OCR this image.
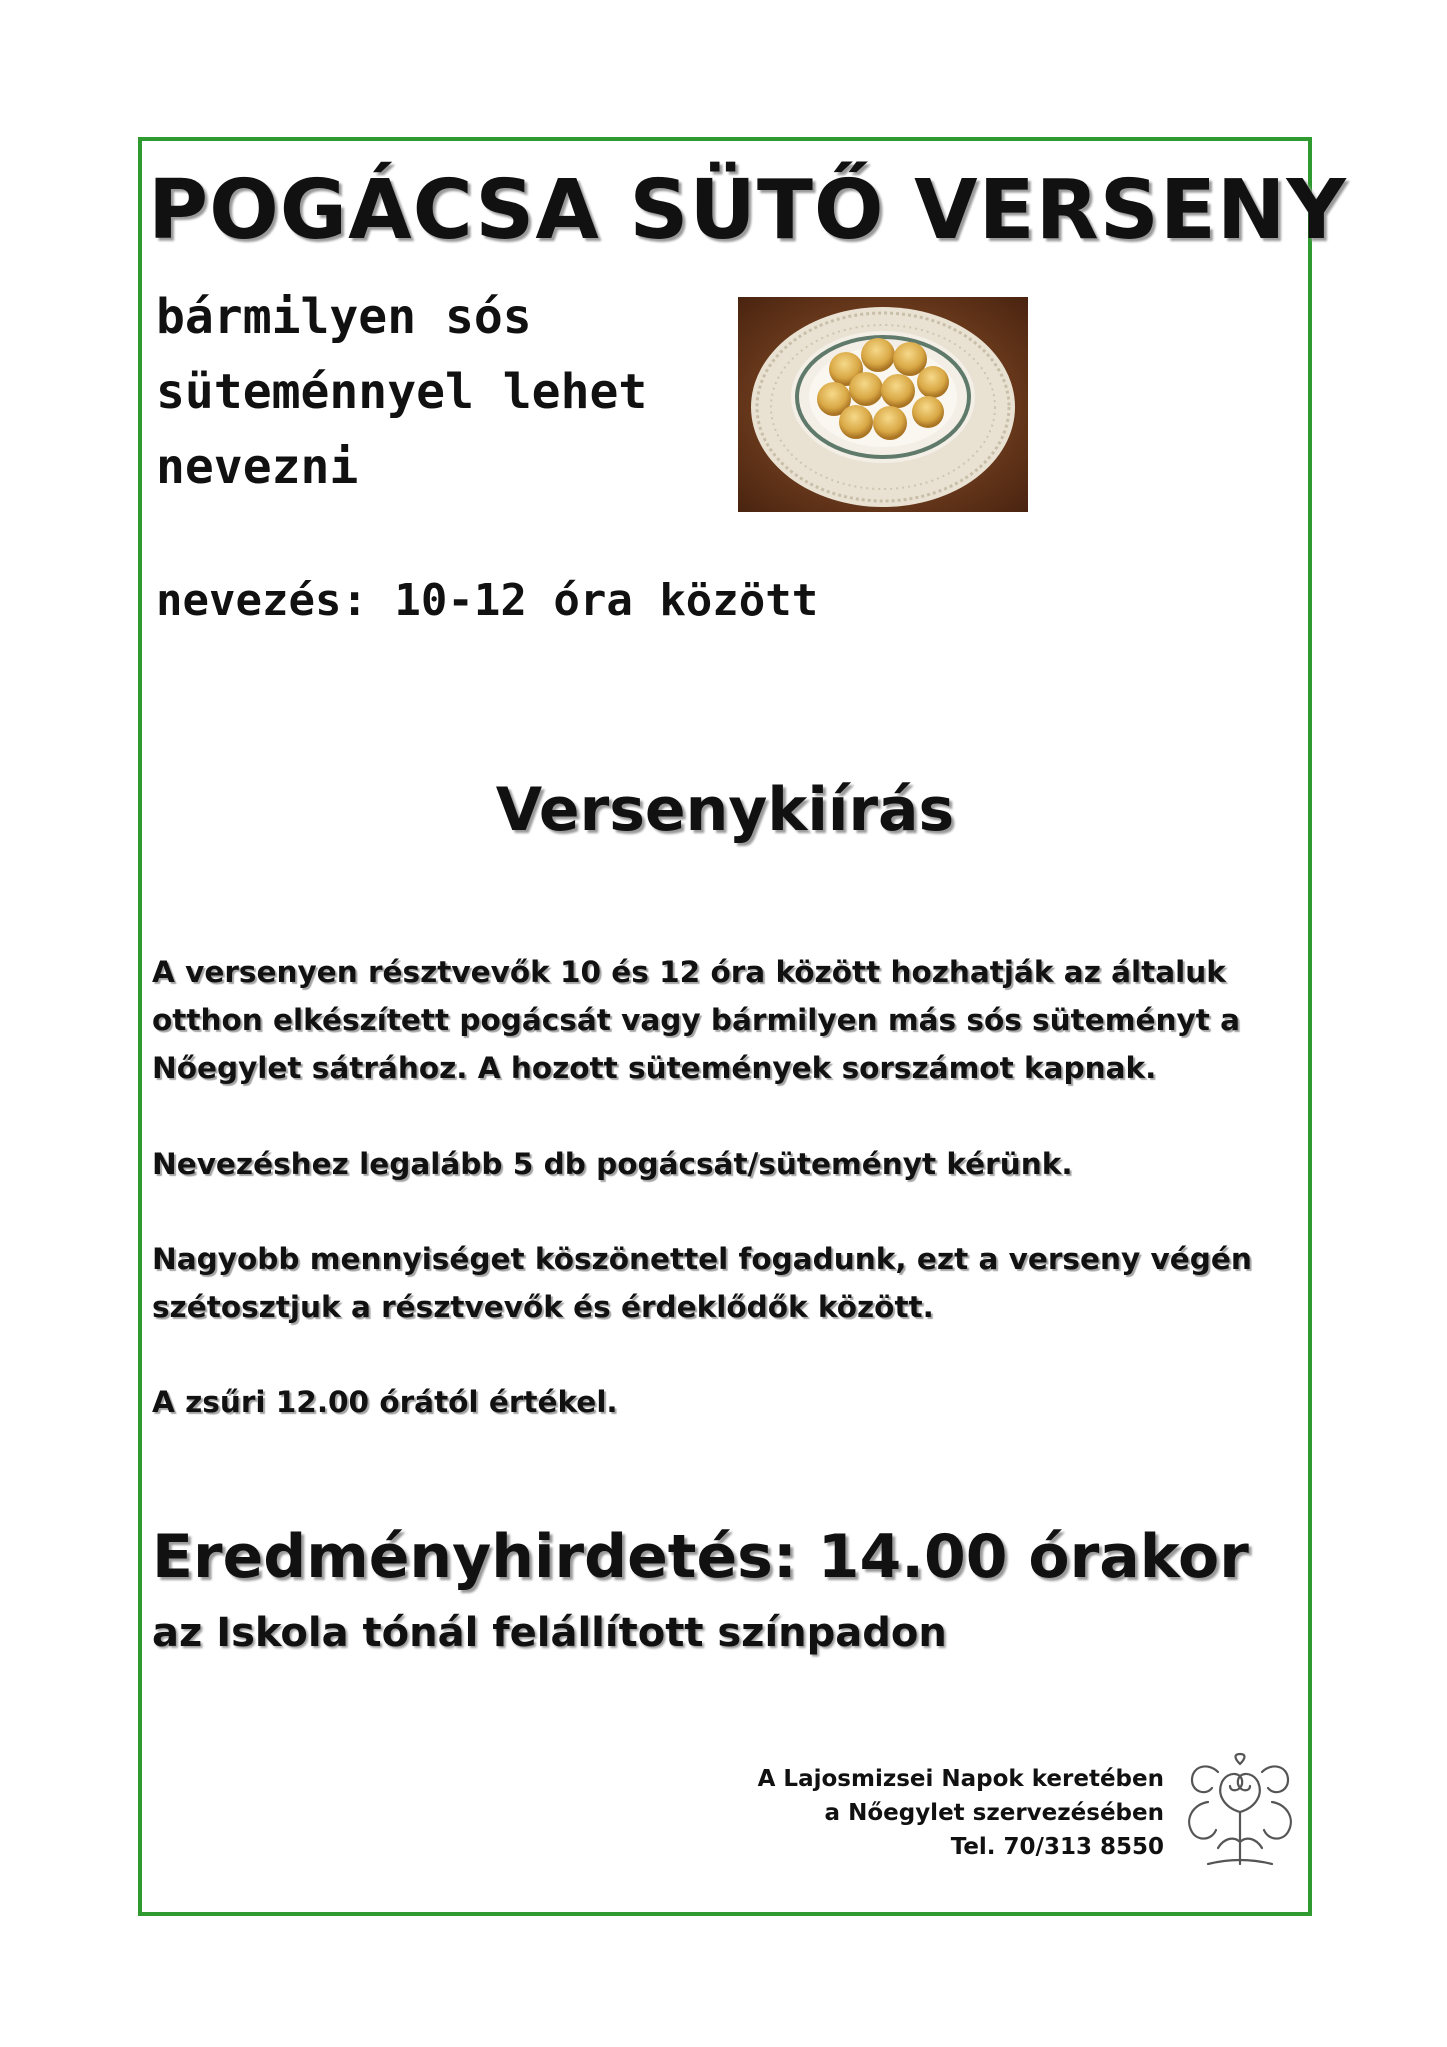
POGÁCSA SÜTŐ VERSENY
bármilyen sós
süteménnyel lehet
nevezni

nevezés: 10-12 óra között

Versenykiírás

A versenyen résztvevők 10 és 12 óra között hozhatják az általuk otthon elkészített pogácsát vagy bármilyen más sós süteményt a Nőegylet sátrához. A hozott sütemények sorszámot kapnak.

Nevezéshez legalább 5 db pogácsát/süteményt kérünk.

Nagyobb mennyiséget köszönettel fogadunk, ezt a verseny végén szétosztjuk a résztvevők és érdeklődők között.

A zsűri 12.00 órától értékel.

Eredményhirdetés: 14.00 órakor

az Iskola tónál felállított színpadon

A Lajosmizsei Napok keretében
a Nőegylet szervezésében
Tel. 70/313 8550
